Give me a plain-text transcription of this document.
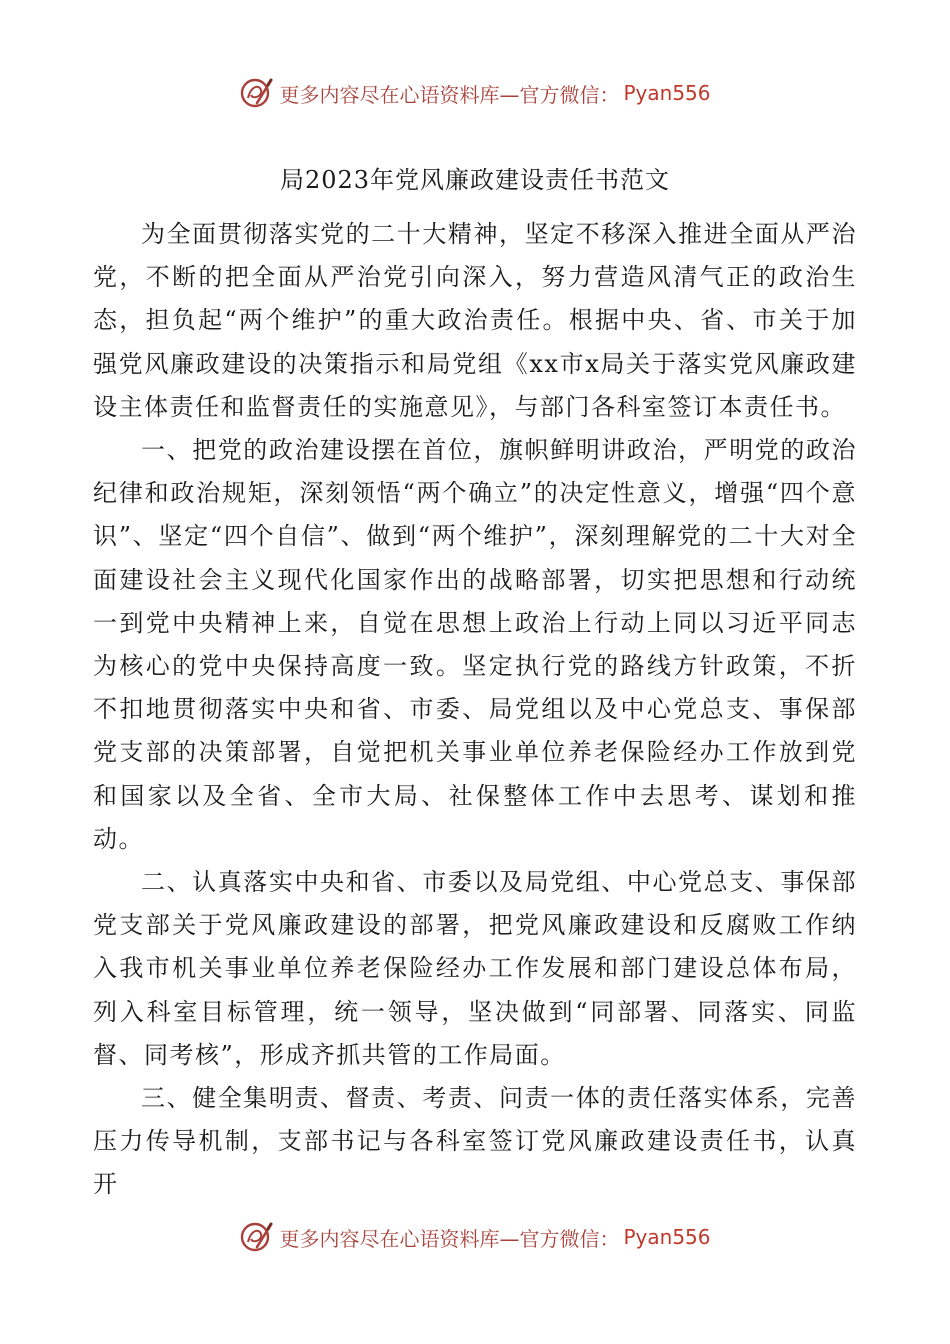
更多内容尽在心语资料库—官方微信： Pyan556
局2023年党风廉政建设责任书范文

为全面贯彻落实党的二十大精神，坚定不移深入推进全面从严治党，不断的把全面从严治党引向深入，努力营造风清气正的政治生态，担负起“两个维护”的重大政治责任。根据中央、省、市关于加强党风廉政建设的决策指示和局党组《xx市x局关于落实党风廉政建设主体责任和监督责任的实施意见》，与部门各科室签订本责任书。

一、把党的政治建设摆在首位，旗帜鲜明讲政治，严明党的政治纪律和政治规矩，深刻领悟“两个确立”的决定性意义，增强“四个意识”、坚定“四个自信”、做到“两个维护”，深刻理解党的二十大对全面建设社会主义现代化国家作出的战略部署，切实把思想和行动统一到党中央精神上来，自觉在思想上政治上行动上同以习近平同志为核心的党中央保持高度一致。坚定执行党的路线方针政策，不折不扣地贯彻落实中央和省、市委、局党组以及中心党总支、事保部党支部的决策部署，自觉把机关事业单位养老保险经办工作放到党和国家以及全省、全市大局、社保整体工作中去思考、谋划和推动。

二、认真落实中央和省、市委以及局党组、中心党总支、事保部党支部关于党风廉政建设的部署，把党风廉政建设和反腐败工作纳入我市机关事业单位养老保险经办工作发展和部门建设总体布局，列入科室目标管理，统一领导，坚决做到“同部署、同落实、同监督、同考核”，形成齐抓共管的工作局面。

三、健全集明责、督责、考责、问责一体的责任落实体系，完善压力传导机制，支部书记与各科室签订党风廉政建设责任书，认真开

更多内容尽在心语资料库—官方微信： Pyan556
